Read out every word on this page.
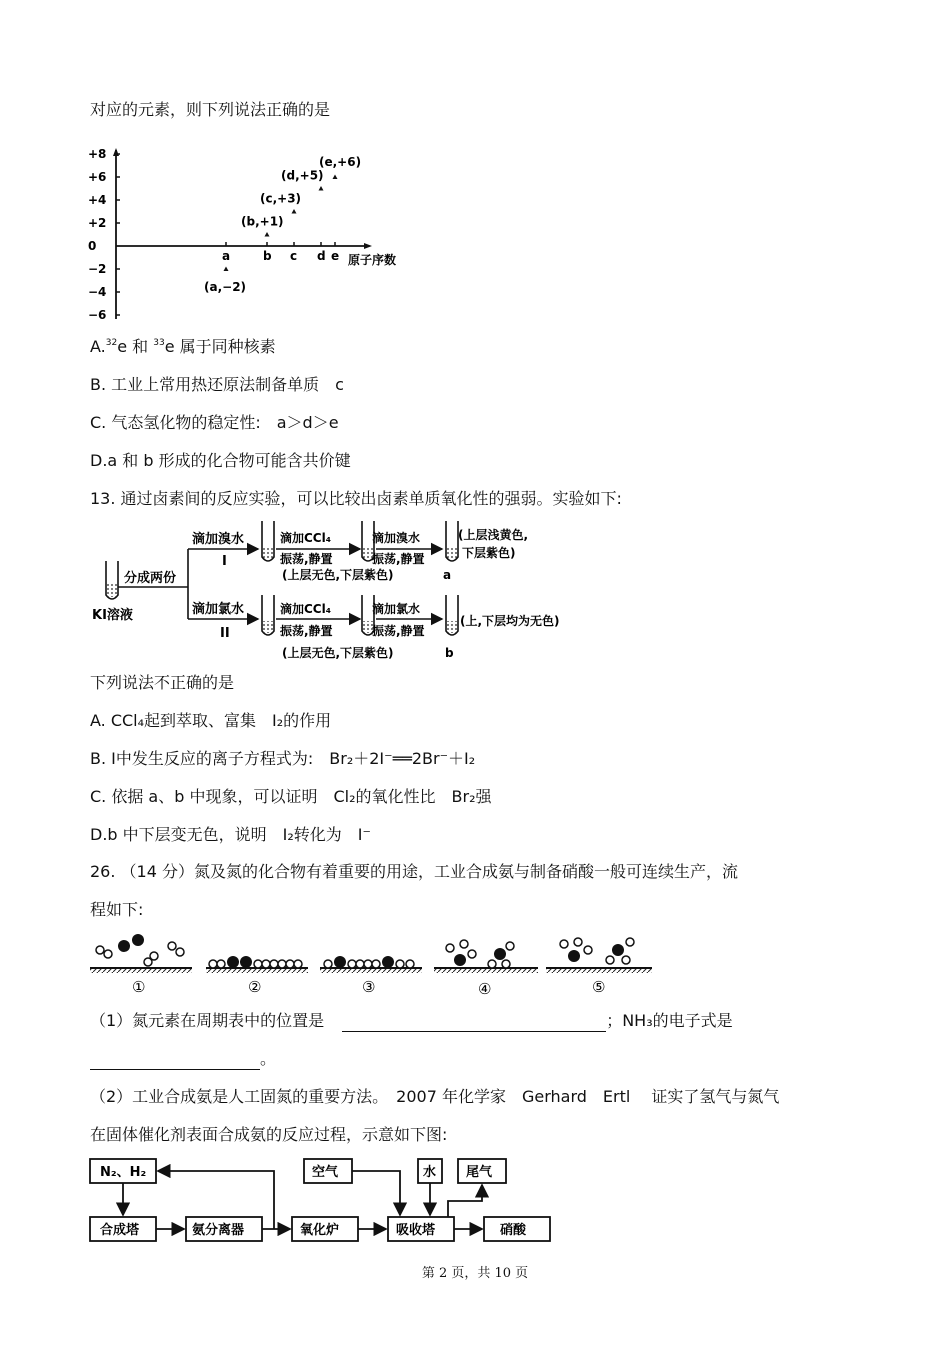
对应的元素，则下列说法正确的是
+8
+6
+4
+2
0
−2
−4
−6
a	b c d e
(a,−2)
(b,+1)
(c,+3)
(d,+5)
(e,+6)
原子序数
A.$^{32}$e 和 $^{33}$e 属于同种核素
B. 工业上常用热还原法制备单质　c
C. 气态氢化物的稳定性:　a＞d＞e
D.a 和 b 形成的化合物可能含共价键
13. 通过卤素间的反应实验，可以比较出卤素单质氧化性的强弱。实验如下:
KI溶液
分成两份
滴加溴水
I
滴加CCl₄
振荡,静置
(上层无色,下层紫色)
滴加溴水
振荡,静置
a
(上层浅黄色,
下层紫色)
滴加氯水
II
滴加CCl₄
振荡,静置
(上层无色,下层紫色)
滴加氯水
振荡,静置
b
(上,下层均为无色)
下列说法不正确的是
A. CCl₄起到萃取、富集　I₂的作用
B. Ⅰ中发生反应的离子方程式为:　Br₂＋2I⁻══2Br⁻＋I₂
C. 依据 a、b 中现象，可以证明　Cl₂的氧化性比　Br₂强
D.b 中下层变无色，说明　I₂转化为　I⁻
26. （14 分）氮及氮的化合物有着重要的用途，工业合成氨与制备硝酸一般可连续生产，流
程如下:
①	②	③	④	⑤
（1）氮元素在周期表中的位置是	；NH₃的电子式是
。
（2）工业合成氨是人工固氮的重要方法。　2007 年化学家　Gerhard　Ertl　 证实了氢气与氮气
在固体催化剂表面合成氨的反应过程，示意如下图:
N₂、H₂
合成塔	氨分离器	氧化炉	吸收塔	硝酸
空气	水 尾气
第 2 页，共 10 页
